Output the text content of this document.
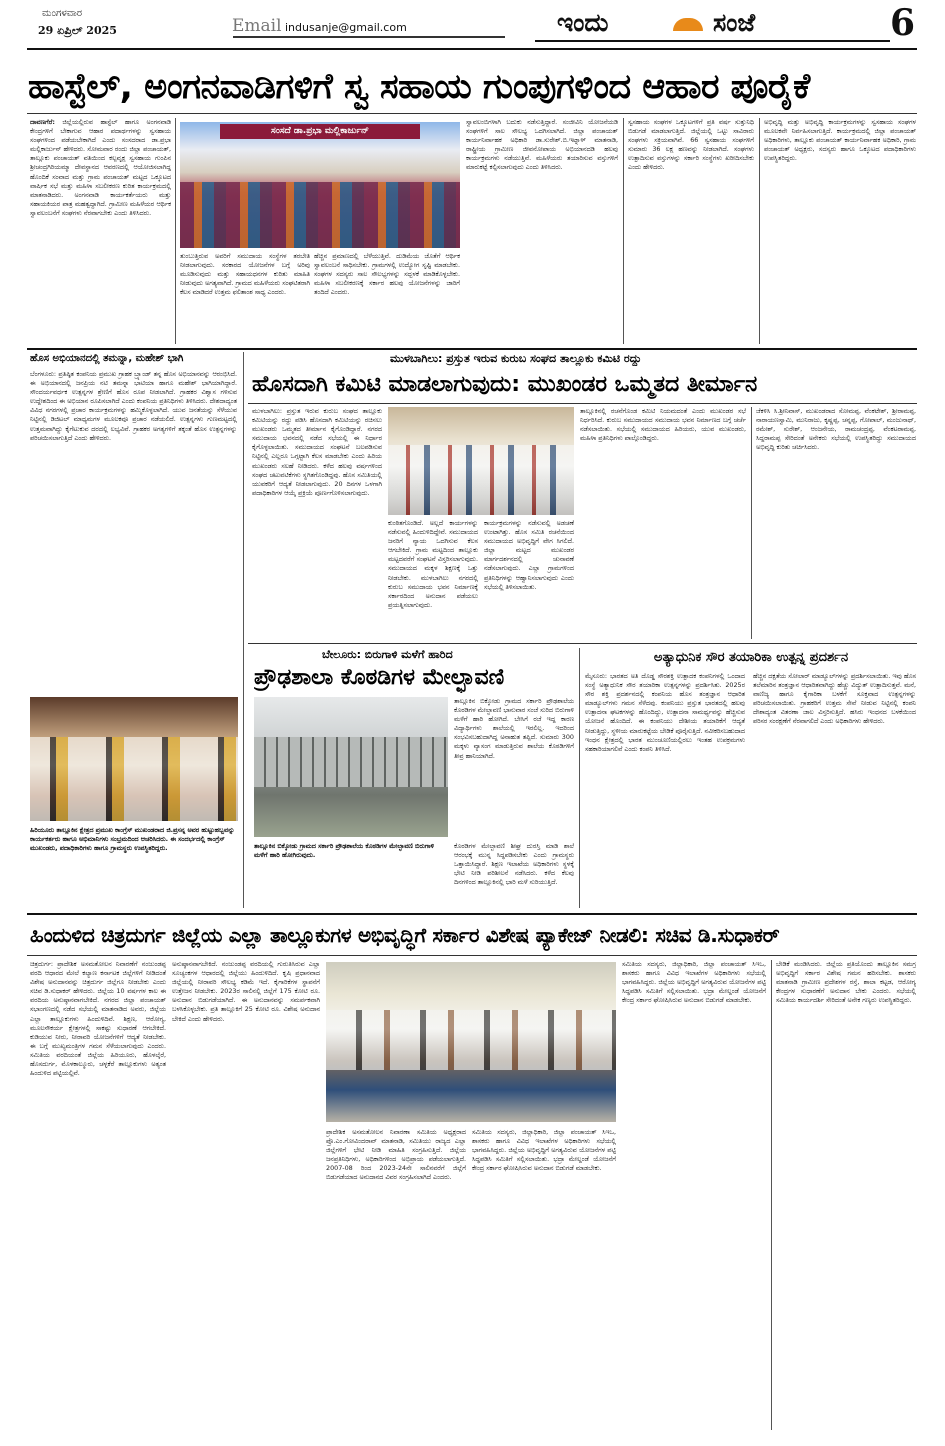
ಮಂಗಳವಾರ
29 ಏಪ್ರಿಲ್ 2025	Email indusanje@gmail.com	ಇಂದು	ಸಂಜೆ	6
ಹಾಸ್ಟೆಲ್, ಅಂಗನವಾಡಿಗಳಿಗೆ ಸ್ವ ಸಹಾಯ ಗುಂಪುಗಳಿಂದ ಆಹಾರ ಪೂರೈಕೆ
ದಾವಣಗೆರೆ: ಜಿಲ್ಲೆಯಲ್ಲಿರುವ ಹಾಸ್ಟೆಲ್ ಹಾಗೂ ಅಂಗನವಾಡಿ ಕೇಂದ್ರಗಳಿಗೆ ಬೇಕಾಗುವ ಆಹಾರ ಪದಾರ್ಥಗಳನ್ನು ಸ್ವಸಹಾಯ ಸಂಘಗಳಿಂದ ಪಡೆಯಬೇಕಾಗಿದೆ ಎಂದು ಸಂಸದರಾದ ಡಾ.ಪ್ರಭಾ ಮಲ್ಲಿಕಾರ್ಜುನ್ ಹೇಳಿದರು. ಸೋಮವಾರ ರಂದು ಜಿಲ್ಲಾ ಪಂಚಾಯತ್, ತಾಲ್ಲೂಕು ಪಂಚಾಯತ್ ವತಿಯಿಂದ ಕಲ್ಪವೃಕ್ಷ ಸ್ವಸಹಾಯ ಗುಂಪಿನ ಶ್ರೀಚಂದ್ರಗಿರಿಯಮ್ಮಾ ದೇವಸ್ಥಾನದ ಆವರಣದಲ್ಲಿ ಆಯೋಜಿಸಲಾಗಿದ್ದ ಹೊಂದಿಕೆ ಸಂವಾದ ಮತ್ತು ಗ್ರಾಮ ಪಂಚಾಯತ್ ಮಟ್ಟದ ಒಕ್ಕೂಟದ ವಾರ್ಷಿಕ ಸಭೆ ಮತ್ತು ಮಹಿಳಾ ಸಬಲೀಕರಣ ಕುರಿತ ಕಾರ್ಯಕ್ರಮದಲ್ಲಿ ಮಾತನಾಡಿದರು. ಅಂಗನವಾಡಿ ಕಾರ್ಯಕರ್ತೆಯರು ಮತ್ತು ಸಹಾಯಕಿಯರ ಪಾತ್ರ ಮಹತ್ವದ್ದಾಗಿದೆ. ಗ್ರಾಮೀಣ ಮಹಿಳೆಯರ ಆರ್ಥಿಕ ಸ್ವಾವಲಂಬನೆಗೆ ಸಂಘಗಳು ನೆರವಾಗಬೇಕು ಎಂದು ತಿಳಿಸಿದರು.
ಸಂಸದೆ ಡಾ.ಪ್ರಭಾ ಮಲ್ಲಿಕಾರ್ಜುನ್
ತುಂಬುತ್ತಿರುವ ಅವರಿಗೆ ಸಮುದಾಯ ಸಂಸ್ಥೆಗಳ ತರಬೇತಿ ನೀಡಲಾಗುವುದು. ಸರಕಾರದ ಯೋಜನೆಗಳ ಬಗ್ಗೆ ಅರಿವು ಮೂಡಿಸುವುದು ಮತ್ತು ಸಹಾಯಧನಗಳ ಕುರಿತು ಮಾಹಿತಿ ನೀಡುವುದು ಅಗತ್ಯವಾಗಿದೆ. ಗ್ರಾಮದ ಮಹಿಳೆಯರು ಸಂಘಟಿತರಾಗಿ ಕೆಲಸ ಮಾಡಿದರೆ ಉತ್ತಮ ಫಲಿತಾಂಶ ಸಾಧ್ಯ ಎಂದರು.
ಹೆಚ್ಚಿನ ಪ್ರಮಾಣದಲ್ಲಿ ಬೆಳೆಯುತ್ತಿವೆ. ದುಡಿಮೆಯ ಜೊತೆಗೆ ಆರ್ಥಿಕ ಸ್ವಾವಲಂಬನೆ ಸಾಧಿಸಬೇಕು. ಗ್ರಾಮಗಳಲ್ಲಿ ಉದ್ಯೋಗ ಸೃಷ್ಟಿ ಮಾಡಬೇಕು. ಸಂಘಗಳ ಸದಸ್ಯರು ಸಾಲ ಸೌಲಭ್ಯಗಳನ್ನು ಸದ್ಬಳಕೆ ಮಾಡಿಕೊಳ್ಳಬೇಕು. ಮಹಿಳಾ ಸಬಲೀಕರಣಕ್ಕೆ ಸರ್ಕಾರ ಹಲವು ಯೋಜನೆಗಳನ್ನು ಜಾರಿಗೆ ತಂದಿದೆ ಎಂದರು.
ಸ್ವಾವಲಂಬಿಗಳಾಗಿ ಬದುಕು ನಡೆಸುತ್ತಿದ್ದಾರೆ. ಸಂಜೀವಿನಿ ಯೋಜನೆಯಡಿ ಸಂಘಗಳಿಗೆ ಸಾಲ ಸೌಲಭ್ಯ ಒದಗಿಸಲಾಗಿದೆ. ಜಿಲ್ಲಾ ಪಂಚಾಯತ್ ಕಾರ್ಯನಿರ್ವಾಹಕ ಅಧಿಕಾರಿ ಡಾ.ಸುರೇಶ್.ಬಿ.ಇಟ್ನಾಳ್ ಮಾತನಾಡಿ, ರಾಷ್ಟ್ರೀಯ ಗ್ರಾಮೀಣ ಜೀವನೋಪಾಯ ಅಭಿಯಾನದಡಿ ಹಲವು ಕಾರ್ಯಕ್ರಮಗಳು ನಡೆಯುತ್ತಿವೆ. ಮಹಿಳೆಯರು ತಯಾರಿಸುವ ವಸ್ತುಗಳಿಗೆ ಮಾರುಕಟ್ಟೆ ಕಲ್ಪಿಸಲಾಗುವುದು ಎಂದು ತಿಳಿಸಿದರು.
ಸ್ವಸಹಾಯ ಸಂಘಗಳ ಒಕ್ಕೂಟಗಳಿಗೆ ಪ್ರತಿ ವರ್ಷ ಸುತ್ತುನಿಧಿ ಬಿಡುಗಡೆ ಮಾಡಲಾಗುತ್ತಿದೆ. ಜಿಲ್ಲೆಯಲ್ಲಿ ಒಟ್ಟು ಸಾವಿರಾರು ಸಂಘಗಳು ಸಕ್ರಿಯವಾಗಿವೆ. 66 ಸ್ವಸಹಾಯ ಸಂಘಗಳಿಗೆ ಸುಮಾರು 36 ಲಕ್ಷ ಹಣವನ್ನು ನೀಡಲಾಗಿದೆ. ಸಂಘಗಳು ಉತ್ಪಾದಿಸುವ ವಸ್ತುಗಳನ್ನು ಸರ್ಕಾರಿ ಸಂಸ್ಥೆಗಳು ಖರೀದಿಸಬೇಕು ಎಂದು ಹೇಳಿದರು.
ಅಭಿವೃದ್ಧಿ ಮತ್ತು ಅಭಿವೃದ್ಧಿ ಕಾರ್ಯಕ್ರಮಗಳನ್ನು ಸ್ವಸಹಾಯ ಸಂಘಗಳ ಮೂಲಕವೇ ನಿರ್ವಹಿಸಲಾಗುತ್ತಿದೆ. ಕಾರ್ಯಕ್ರಮದಲ್ಲಿ ಜಿಲ್ಲಾ ಪಂಚಾಯತ್ ಅಧಿಕಾರಿಗಳು, ತಾಲ್ಲೂಕು ಪಂಚಾಯತ್ ಕಾರ್ಯನಿರ್ವಾಹಕ ಅಧಿಕಾರಿ, ಗ್ರಾಮ ಪಂಚಾಯತ್ ಅಧ್ಯಕ್ಷರು, ಸದಸ್ಯರು ಹಾಗೂ ಒಕ್ಕೂಟದ ಪದಾಧಿಕಾರಿಗಳು ಉಪಸ್ಥಿತರಿದ್ದರು.
ಹೊಸ ಅಭಿಯಾನದಲ್ಲಿ ತಮನ್ನಾ, ಮಹೇಶ್ ಭಾಗಿ
ಬೆಂಗಳೂರು: ಪ್ರತಿಷ್ಠಿತ ಕಂಪನಿಯ ಪ್ರಮುಖ ಗ್ರಾಹಕ ಬ್ರ್ಯಾಂಡ್ ತನ್ನ ಹೊಸ ಅಭಿಯಾನವನ್ನು ಆರಂಭಿಸಿದೆ. ಈ ಅಭಿಯಾನದಲ್ಲಿ ಜನಪ್ರಿಯ ನಟಿ ತಮನ್ನಾ ಭಾಟಿಯಾ ಹಾಗೂ ಮಹೇಶ್ ಭಾಗಿಯಾಗಿದ್ದಾರೆ. ಸೌಂದರ್ಯವರ್ಧಕ ಉತ್ಪನ್ನಗಳ ಶ್ರೇಣಿಗೆ ಹೊಸ ರೂಪ ನೀಡಲಾಗಿದೆ. ಗ್ರಾಹಕರ ವಿಶ್ವಾಸ ಗಳಿಸುವ ಉದ್ದೇಶದಿಂದ ಈ ಅಭಿಯಾನ ರೂಪಿಸಲಾಗಿದೆ ಎಂದು ಕಂಪನಿಯ ಪ್ರತಿನಿಧಿಗಳು ತಿಳಿಸಿದರು. ದೇಶದಾದ್ಯಂತ ವಿವಿಧ ನಗರಗಳಲ್ಲಿ ಪ್ರಚಾರ ಕಾರ್ಯಕ್ರಮಗಳನ್ನು ಹಮ್ಮಿಕೊಳ್ಳಲಾಗಿದೆ. ಯುವ ಜನತೆಯನ್ನು ಸೆಳೆಯುವ ನಿಟ್ಟಿನಲ್ಲಿ ಡಿಜಿಟಲ್ ಮಾಧ್ಯಮಗಳ ಮೂಲಕವೂ ಪ್ರಚಾರ ನಡೆಯಲಿದೆ. ಉತ್ಪನ್ನಗಳು ಗುಣಮಟ್ಟದಲ್ಲಿ ಉತ್ತಮವಾಗಿದ್ದು ಕೈಗೆಟುಕುವ ದರದಲ್ಲಿ ಲಭ್ಯವಿವೆ. ಗ್ರಾಹಕರ ಅಗತ್ಯಗಳಿಗೆ ತಕ್ಕಂತೆ ಹೊಸ ಉತ್ಪನ್ನಗಳನ್ನು ಪರಿಚಯಿಸಲಾಗುತ್ತಿದೆ ಎಂದು ಹೇಳಿದರು.
ಹಿರಿಯೂರು ತಾಲ್ಲೂಕಿನ ಕ್ಷೇತ್ರದ ಪ್ರಮುಖ ಕಾಂಗ್ರೆಸ್ ಮುಖಂಡರಾದ ಜಿ.ಪ್ರಸನ್ನ ಅವರ ಹುಟ್ಟುಹಬ್ಬವನ್ನು ಕಾರ್ಯಕರ್ತರು ಹಾಗೂ ಅಭಿಮಾನಿಗಳು ಸಂಭ್ರಮದಿಂದ ಆಚರಿಸಿದರು. ಈ ಸಂದರ್ಭದಲ್ಲಿ ಕಾಂಗ್ರೆಸ್ ಮುಖಂಡರು, ಪದಾಧಿಕಾರಿಗಳು ಹಾಗೂ ಗ್ರಾಮಸ್ಥರು ಉಪಸ್ಥಿತರಿದ್ದರು.
ಮುಳಬಾಗಿಲು: ಪ್ರಸ್ತುತ ಇರುವ ಕುರುಬ ಸಂಘದ ತಾಲ್ಲೂಕು ಕಮಿಟಿ ರದ್ದು
ಹೊಸದಾಗಿ ಕಮಿಟಿ ಮಾಡಲಾಗುವುದು: ಮುಖಂಡರ ಒಮ್ಮತದ ತೀರ್ಮಾನ
ಮುಳಬಾಗಿಲು: ಪ್ರಸ್ತುತ ಇರುವ ಕುರುಬ ಸಂಘದ ತಾಲ್ಲೂಕು ಕಮಿಟಿಯನ್ನು ರದ್ದು ಪಡಿಸಿ ಹೊಸದಾಗಿ ಕಮಿಟಿಯನ್ನು ರಚಿಸಲು ಮುಖಂಡರು ಒಮ್ಮತದ ತೀರ್ಮಾನ ಕೈಗೊಂಡಿದ್ದಾರೆ. ನಗರದ ಸಮುದಾಯ ಭವನದಲ್ಲಿ ನಡೆದ ಸಭೆಯಲ್ಲಿ ಈ ನಿರ್ಧಾರ ಕೈಗೊಳ್ಳಲಾಯಿತು. ಸಮುದಾಯದ ಸಂಘಟನೆ ಬಲಪಡಿಸುವ ನಿಟ್ಟಿನಲ್ಲಿ ಎಲ್ಲರೂ ಒಗ್ಗಟ್ಟಾಗಿ ಕೆಲಸ ಮಾಡಬೇಕು ಎಂದು ಹಿರಿಯ ಮುಖಂಡರು ಸಲಹೆ ನೀಡಿದರು. ಕಳೆದ ಹಲವು ವರ್ಷಗಳಿಂದ ಸಂಘದ ಚಟುವಟಿಕೆಗಳು ಸ್ಥಗಿತಗೊಂಡಿದ್ದವು. ಹೊಸ ಸಮಿತಿಯಲ್ಲಿ ಯುವಕರಿಗೆ ಆದ್ಯತೆ ನೀಡಲಾಗುವುದು. 20 ದಿನಗಳ ಒಳಗಾಗಿ ಪದಾಧಿಕಾರಿಗಳ ಆಯ್ಕೆ ಪ್ರಕ್ರಿಯೆ ಪೂರ್ಣಗೊಳಿಸಲಾಗುವುದು.
ಕುಂಠಿತಗೊಂಡಿದೆ. ಅಲ್ಲದೆ ಕಾರ್ಯಗಳನ್ನು ನಡೆಸುವಲ್ಲಿ ಹಿಂದುಳಿದಿದ್ದೇವೆ. ಸಮುದಾಯದ ಜನರಿಗೆ ನ್ಯಾಯ ಒದಗಿಸುವ ಕೆಲಸ ಆಗಬೇಕಿದೆ. ಗ್ರಾಮ ಮಟ್ಟದಿಂದ ತಾಲ್ಲೂಕು ಮಟ್ಟದವರೆಗೆ ಸಂಘಟನೆ ವಿಸ್ತರಿಸಲಾಗುವುದು. ಸಮುದಾಯದ ಮಕ್ಕಳ ಶಿಕ್ಷಣಕ್ಕೆ ಒತ್ತು ನೀಡಬೇಕು. ಮುಳಬಾಗಿಲು ನಗರದಲ್ಲಿ ಕುರುಬ ಸಮುದಾಯ ಭವನ ನಿರ್ಮಾಣಕ್ಕೆ ಸರ್ಕಾರದಿಂದ ಅನುದಾನ ಪಡೆಯಲು ಪ್ರಯತ್ನಿಸಲಾಗುವುದು.
ಕಾರ್ಯಕ್ರಮಗಳನ್ನು ನಡೆಸುವಲ್ಲಿ ಅಡಚಣೆ ಉಂಟಾಗಿತ್ತು. ಹೊಸ ಸಮಿತಿ ರಚನೆಯಿಂದ ಸಮುದಾಯದ ಅಭಿವೃದ್ಧಿಗೆ ವೇಗ ಸಿಗಲಿದೆ. ಜಿಲ್ಲಾ ಮಟ್ಟದ ಮುಖಂಡರ ಮಾರ್ಗದರ್ಶನದಲ್ಲಿ ಚುನಾವಣೆ ನಡೆಸಲಾಗುವುದು. ಎಲ್ಲಾ ಗ್ರಾಮಗಳಿಂದ ಪ್ರತಿನಿಧಿಗಳನ್ನು ಆಹ್ವಾನಿಸಲಾಗುವುದು ಎಂದು ಸಭೆಯಲ್ಲಿ ತಿಳಿಸಲಾಯಿತು.
ತಾಲ್ಲೂಕಿನಲ್ಲಿ ರಚನೆಗೊಂಡ ಕಮಿಟಿ ನಿಯಮದಂತೆ ಎಂದು ಮುಖಂಡರ ಸಭೆ ನಿರ್ಧರಿಸಿದೆ. ಕುರುಬ ಸಮುದಾಯದ ಸಮುದಾಯ ಭವನ ನಿರ್ಮಾಣದ ಬಗ್ಗೆ ಚರ್ಚೆ ನಡೆಸಲಾಯಿತು. ಸಭೆಯಲ್ಲಿ ಸಮುದಾಯದ ಹಿರಿಯರು, ಯುವ ಮುಖಂಡರು, ಮಹಿಳಾ ಪ್ರತಿನಿಧಿಗಳು ಪಾಲ್ಗೊಂಡಿದ್ದರು.
ಜೆಕಳಿಸಿ ಸಿ.ಶ್ರೀನಿವಾಸ್, ಮುಖಂಡರಾದ ಸೋಮಪ್ಪ, ವೆಂಕಟೇಶ್, ಶ್ರೀರಾಮಪ್ಪ, ನಾರಾಯಣಸ್ವಾಮಿ, ಮುನಿರಾಜು, ಕೃಷ್ಣಪ್ಪ, ಚನ್ನಪ್ಪ, ಗೋಪಾಲ್, ಮಂಜುನಾಥ್, ರಮೇಶ್, ಸುರೇಶ್, ಆಂಜನೇಯ, ರಾಮಚಂದ್ರಪ್ಪ, ವೆಂಕಟರಾಮಪ್ಪ, ಸಿದ್ದರಾಮಪ್ಪ ಸೇರಿದಂತೆ ಅನೇಕರು ಸಭೆಯಲ್ಲಿ ಉಪಸ್ಥಿತರಿದ್ದು ಸಮುದಾಯದ ಅಭಿವೃದ್ಧಿ ಕುರಿತು ಚರ್ಚಿಸಿದರು.
ಬೇಲೂರು: ಬಿರುಗಾಳಿ ಮಳೆಗೆ ಹಾರಿದ
ಪ್ರೌಢಶಾಲಾ ಕೊಠಡಿಗಳ ಮೇಲ್ಛಾವಣಿ
ತಾಲ್ಲೂಕಿನ ಬಿಕ್ಕೋಡು ಗ್ರಾಮದ ಸರ್ಕಾರಿ ಪ್ರೌಢಶಾಲೆಯ ಕೊಠಡಿಗಳ ಮೇಲ್ಛಾವಣಿ ಬಿರುಗಾಳಿ ಮಳೆಗೆ ಹಾರಿ ಹೋಗಿರುವುದು.
ತಾಲ್ಲೂಕಿನ ಬಿಕ್ಕೋಡು ಗ್ರಾಮದ ಸರ್ಕಾರಿ ಪ್ರೌಢಶಾಲೆಯ ಕೊಠಡಿಗಳ ಮೇಲ್ಛಾವಣಿ ಭಾನುವಾರ ಸಂಜೆ ಸುರಿದ ಬಿರುಗಾಳಿ ಮಳೆಗೆ ಹಾರಿ ಹೋಗಿದೆ. ಬೇಸಿಗೆ ರಜೆ ಇದ್ದ ಕಾರಣ ವಿದ್ಯಾರ್ಥಿಗಳು ಶಾಲೆಯಲ್ಲಿ ಇರಲಿಲ್ಲ. ಇದರಿಂದ ಸಂಭವಿಸಬಹುದಾಗಿದ್ದ ಅನಾಹುತ ತಪ್ಪಿದೆ. ಸುಮಾರು 300 ಮಕ್ಕಳು ವ್ಯಾಸಂಗ ಮಾಡುತ್ತಿರುವ ಶಾಲೆಯ ಕೊಠಡಿಗಳಿಗೆ ತೀವ್ರ ಹಾನಿಯಾಗಿದೆ.
ಕೊಠಡಿಗಳ ಮೇಲ್ಛಾವಣಿ ಶೀಘ್ರ ದುರಸ್ತಿ ಮಾಡಿ ಶಾಲೆ ಆರಂಭಕ್ಕೆ ಮುನ್ನ ಸಿದ್ಧಪಡಿಸಬೇಕು ಎಂದು ಗ್ರಾಮಸ್ಥರು ಒತ್ತಾಯಿಸಿದ್ದಾರೆ. ಶಿಕ್ಷಣ ಇಲಾಖೆಯ ಅಧಿಕಾರಿಗಳು ಸ್ಥಳಕ್ಕೆ ಭೇಟಿ ನೀಡಿ ಪರಿಶೀಲನೆ ನಡೆಸಿದರು. ಕಳೆದ ಕೆಲವು ದಿನಗಳಿಂದ ತಾಲ್ಲೂಕಿನಲ್ಲಿ ಭಾರಿ ಮಳೆ ಸುರಿಯುತ್ತಿದೆ.
ಅತ್ಯಾಧುನಿಕ ಸೌರ ತಯಾರಿಕಾ ಉತ್ಪನ್ನ ಪ್ರದರ್ಶನ
ಮೈಸೂರು: ಭಾರತದ ಅತಿ ದೊಡ್ಡ ಸೌರಶಕ್ತಿ ಉತ್ಪಾದಕ ಕಂಪನಿಗಳಲ್ಲಿ ಒಂದಾದ ಸಂಸ್ಥೆ ಅತ್ಯಾಧುನಿಕ ಸೌರ ತಯಾರಿಕಾ ಉತ್ಪನ್ನಗಳನ್ನು ಪ್ರದರ್ಶಿಸಿತು. 2025ರ ಸೌರ ಶಕ್ತಿ ಪ್ರದರ್ಶನದಲ್ಲಿ ಕಂಪನಿಯ ಹೊಸ ತಂತ್ರಜ್ಞಾನ ಆಧಾರಿತ ಮಾಡ್ಯೂಲ್‌ಗಳು ಗಮನ ಸೆಳೆದವು. ಕಂಪನಿಯು ಪ್ರಸ್ತುತ ಭಾರತದಲ್ಲಿ ಹಲವು ಉತ್ಪಾದನಾ ಘಟಕಗಳನ್ನು ಹೊಂದಿದ್ದು, ಉತ್ಪಾದನಾ ಸಾಮರ್ಥ್ಯವನ್ನು ಹೆಚ್ಚಿಸುವ ಯೋಜನೆ ಹೊಂದಿದೆ. ಈ ಕಂಪನಿಯು ದೇಶೀಯ ತಯಾರಿಕೆಗೆ ಆದ್ಯತೆ ನೀಡುತ್ತಿದ್ದು, ಸ್ಥಳೀಯ ಮಾರುಕಟ್ಟೆಯ ಬೇಡಿಕೆ ಪೂರೈಸುತ್ತಿದೆ. ನವೀಕರಿಸಬಹುದಾದ ಇಂಧನ ಕ್ಷೇತ್ರದಲ್ಲಿ ಭಾರತ ಮುಂಚೂಣಿಯಲ್ಲಿರಲು ಇಂತಹ ಉಪಕ್ರಮಗಳು ಸಹಕಾರಿಯಾಗಲಿವೆ ಎಂದು ಕಂಪನಿ ತಿಳಿಸಿದೆ.
ಹೆಚ್ಚಿನ ದಕ್ಷತೆಯ ಸೋಲಾರ್ ಮಾಡ್ಯೂಲ್‌ಗಳನ್ನು ಪ್ರದರ್ಶಿಸಲಾಯಿತು. ಇವು ಹೊಸ ತಲೆಮಾರಿನ ತಂತ್ರಜ್ಞಾನ ಆಧಾರಿತವಾಗಿದ್ದು ಹೆಚ್ಚು ವಿದ್ಯುತ್ ಉತ್ಪಾದಿಸುತ್ತವೆ. ಮನೆ, ವಾಣಿಜ್ಯ ಹಾಗೂ ಕೈಗಾರಿಕಾ ಬಳಕೆಗೆ ಸೂಕ್ತವಾದ ಉತ್ಪನ್ನಗಳನ್ನು ಪರಿಚಯಿಸಲಾಯಿತು. ಗ್ರಾಹಕರಿಗೆ ಉತ್ತಮ ಸೇವೆ ನೀಡುವ ನಿಟ್ಟಿನಲ್ಲಿ ಕಂಪನಿ ದೇಶಾದ್ಯಂತ ವಿತರಣಾ ಜಾಲ ವಿಸ್ತರಿಸುತ್ತಿದೆ. ಹಸಿರು ಇಂಧನದ ಬಳಕೆಯಿಂದ ಪರಿಸರ ಸಂರಕ್ಷಣೆಗೆ ನೆರವಾಗಲಿದೆ ಎಂದು ಅಧಿಕಾರಿಗಳು ಹೇಳಿದರು.
ಹಿಂದುಳಿದ ಚಿತ್ರದುರ್ಗ ಜಿಲ್ಲೆಯ ಎಲ್ಲಾ ತಾಲ್ಲೂಕುಗಳ ಅಭಿವೃದ್ಧಿಗೆ ಸರ್ಕಾರ ವಿಶೇಷ ಪ್ಯಾಕೇಜ್ ನೀಡಲಿ: ಸಚಿವ ಡಿ.ಸುಧಾಕರ್
ಚಿತ್ರದುರ್ಗ: ಪ್ರಾದೇಶಿಕ ಅಸಮತೋಲನ ನಿವಾರಣೆಗೆ ನಂಜುಂಡಪ್ಪ ವರದಿ ಆಧಾರದ ಮೇಲೆ ಕಲ್ಯಾಣ ಕರ್ನಾಟಕ ಜಿಲ್ಲೆಗಳಿಗೆ ನೀಡಿದಂತೆ ವಿಶೇಷ ಅನುದಾನವನ್ನು ಚಿತ್ರದುರ್ಗ ಜಿಲ್ಲೆಗೂ ನೀಡಬೇಕು ಎಂದು ಸಚಿವ ಡಿ.ಸುಧಾಕರ್ ಹೇಳಿದರು. ಜಿಲ್ಲೆಯ 10 ವರ್ಷಗಳ ಕಾಲ ಈ ವರದಿಯ ಅನುಷ್ಠಾನವಾಗಬೇಕಿದೆ. ನಗರದ ಜಿಲ್ಲಾ ಪಂಚಾಯತ್ ಸಭಾಂಗಣದಲ್ಲಿ ನಡೆದ ಸಭೆಯಲ್ಲಿ ಮಾತನಾಡಿದ ಅವರು, ಜಿಲ್ಲೆಯ ಎಲ್ಲಾ ತಾಲ್ಲೂಕುಗಳು ಹಿಂದುಳಿದಿವೆ. ಶಿಕ್ಷಣ, ಆರೋಗ್ಯ, ಮೂಲಸೌಕರ್ಯ ಕ್ಷೇತ್ರಗಳಲ್ಲಿ ಸಾಕಷ್ಟು ಸುಧಾರಣೆ ಆಗಬೇಕಿದೆ. ಕುಡಿಯುವ ನೀರು, ನೀರಾವರಿ ಯೋಜನೆಗಳಿಗೆ ಆದ್ಯತೆ ನೀಡಬೇಕು. ಈ ಬಗ್ಗೆ ಮುಖ್ಯಮಂತ್ರಿಗಳ ಗಮನ ಸೆಳೆಯಲಾಗುವುದು ಎಂದರು. ಸಮಿತಿಯ ವರದಿಯಂತೆ ಜಿಲ್ಲೆಯ ಹಿರಿಯೂರು, ಹೊಳಲ್ಕೆರೆ, ಹೊಸದುರ್ಗ, ಮೊಳಕಾಲ್ಮೂರು, ಚಳ್ಳಕೆರೆ ತಾಲ್ಲೂಕುಗಳು ಅತ್ಯಂತ ಹಿಂದುಳಿದ ಪಟ್ಟಿಯಲ್ಲಿವೆ.
ಅನುಷ್ಠಾನವಾಗಬೇಕಿದೆ. ನಂಜುಂಡಪ್ಪ ವರದಿಯಲ್ಲಿ ಗುರುತಿಸಿರುವ ಎಲ್ಲಾ ಸೂಚ್ಯಂಕಗಳ ಆಧಾರದಲ್ಲಿ ಜಿಲ್ಲೆಯು ಹಿಂದುಳಿದಿದೆ. ಕೃಷಿ ಪ್ರಧಾನವಾದ ಜಿಲ್ಲೆಯಲ್ಲಿ ನೀರಾವರಿ ಸೌಲಭ್ಯ ಕಡಿಮೆ ಇದೆ. ಕೈಗಾರಿಕೆಗಳ ಸ್ಥಾಪನೆಗೆ ಉತ್ತೇಜನ ನೀಡಬೇಕು. 2023ರ ಸಾಲಿನಲ್ಲಿ ಜಿಲ್ಲೆಗೆ 175 ಕೋಟಿ ರೂ. ಅನುದಾನ ಬಿಡುಗಡೆಯಾಗಿದೆ. ಈ ಅನುದಾನವನ್ನು ಸಮರ್ಪಕವಾಗಿ ಬಳಸಿಕೊಳ್ಳಬೇಕು. ಪ್ರತಿ ತಾಲ್ಲೂಕಿಗೆ 25 ಕೋಟಿ ರೂ. ವಿಶೇಷ ಅನುದಾನ ಬೇಕಿದೆ ಎಂದು ಹೇಳಿದರು.
ಪ್ರಾದೇಶಿಕ ಅಸಮತೋಲನ ನಿವಾರಣಾ ಸಮಿತಿಯ ಅಧ್ಯಕ್ಷರಾದ ಪ್ರೊ.ಎಂ.ಗೋವಿಂದರಾವ್ ಮಾತನಾಡಿ, ಸಮಿತಿಯು ರಾಜ್ಯದ ಎಲ್ಲಾ ಜಿಲ್ಲೆಗಳಿಗೆ ಭೇಟಿ ನೀಡಿ ಮಾಹಿತಿ ಸಂಗ್ರಹಿಸುತ್ತಿದೆ. ಜಿಲ್ಲೆಯ ಜನಪ್ರತಿನಿಧಿಗಳು, ಅಧಿಕಾರಿಗಳಿಂದ ಅಭಿಪ್ರಾಯ ಪಡೆಯಲಾಗುತ್ತಿದೆ. 2007-08 ರಿಂದ 2023-24ನೇ ಸಾಲಿನವರೆಗೆ ಜಿಲ್ಲೆಗೆ ಬಿಡುಗಡೆಯಾದ ಅನುದಾನದ ವಿವರ ಸಂಗ್ರಹಿಸಲಾಗಿದೆ ಎಂದರು.
ಸಮಿತಿಯ ಸದಸ್ಯರು, ಜಿಲ್ಲಾಧಿಕಾರಿ, ಜಿಲ್ಲಾ ಪಂಚಾಯತ್ ಸಿಇಒ, ಶಾಸಕರು ಹಾಗೂ ವಿವಿಧ ಇಲಾಖೆಗಳ ಅಧಿಕಾರಿಗಳು ಸಭೆಯಲ್ಲಿ ಭಾಗವಹಿಸಿದ್ದರು. ಜಿಲ್ಲೆಯ ಅಭಿವೃದ್ಧಿಗೆ ಅಗತ್ಯವಿರುವ ಯೋಜನೆಗಳ ಪಟ್ಟಿ ಸಿದ್ಧಪಡಿಸಿ ಸಮಿತಿಗೆ ಸಲ್ಲಿಸಲಾಯಿತು. ಭದ್ರಾ ಮೇಲ್ದಂಡೆ ಯೋಜನೆಗೆ ಕೇಂದ್ರ ಸರ್ಕಾರ ಘೋಷಿಸಿರುವ ಅನುದಾನ ಬಿಡುಗಡೆ ಮಾಡಬೇಕು.
ಸಮಿತಿಯ ಸದಸ್ಯರು, ಜಿಲ್ಲಾಧಿಕಾರಿ, ಜಿಲ್ಲಾ ಪಂಚಾಯತ್ ಸಿಇಒ, ಶಾಸಕರು ಹಾಗೂ ವಿವಿಧ ಇಲಾಖೆಗಳ ಅಧಿಕಾರಿಗಳು ಸಭೆಯಲ್ಲಿ ಭಾಗವಹಿಸಿದ್ದರು. ಜಿಲ್ಲೆಯ ಅಭಿವೃದ್ಧಿಗೆ ಅಗತ್ಯವಿರುವ ಯೋಜನೆಗಳ ಪಟ್ಟಿ ಸಿದ್ಧಪಡಿಸಿ ಸಮಿತಿಗೆ ಸಲ್ಲಿಸಲಾಯಿತು. ಭದ್ರಾ ಮೇಲ್ದಂಡೆ ಯೋಜನೆಗೆ ಕೇಂದ್ರ ಸರ್ಕಾರ ಘೋಷಿಸಿರುವ ಅನುದಾನ ಬಿಡುಗಡೆ ಮಾಡಬೇಕು.
ಬೇಡಿಕೆ ಮಂಡಿಸಿದರು. ಜಿಲ್ಲೆಯ ಪ್ರತಿಯೊಂದು ತಾಲ್ಲೂಕಿನ ಸಮಗ್ರ ಅಭಿವೃದ್ಧಿಗೆ ಸರ್ಕಾರ ವಿಶೇಷ ಗಮನ ಹರಿಸಬೇಕು. ಶಾಸಕರು ಮಾತನಾಡಿ ಗ್ರಾಮೀಣ ಪ್ರದೇಶಗಳ ರಸ್ತೆ, ಶಾಲಾ ಕಟ್ಟಡ, ಆರೋಗ್ಯ ಕೇಂದ್ರಗಳ ಸುಧಾರಣೆಗೆ ಅನುದಾನ ಬೇಕು ಎಂದರು. ಸಭೆಯಲ್ಲಿ ಸಮಿತಿಯ ಕಾರ್ಯದರ್ಶಿ ಸೇರಿದಂತೆ ಅನೇಕ ಗಣ್ಯರು ಉಪಸ್ಥಿತರಿದ್ದರು.
